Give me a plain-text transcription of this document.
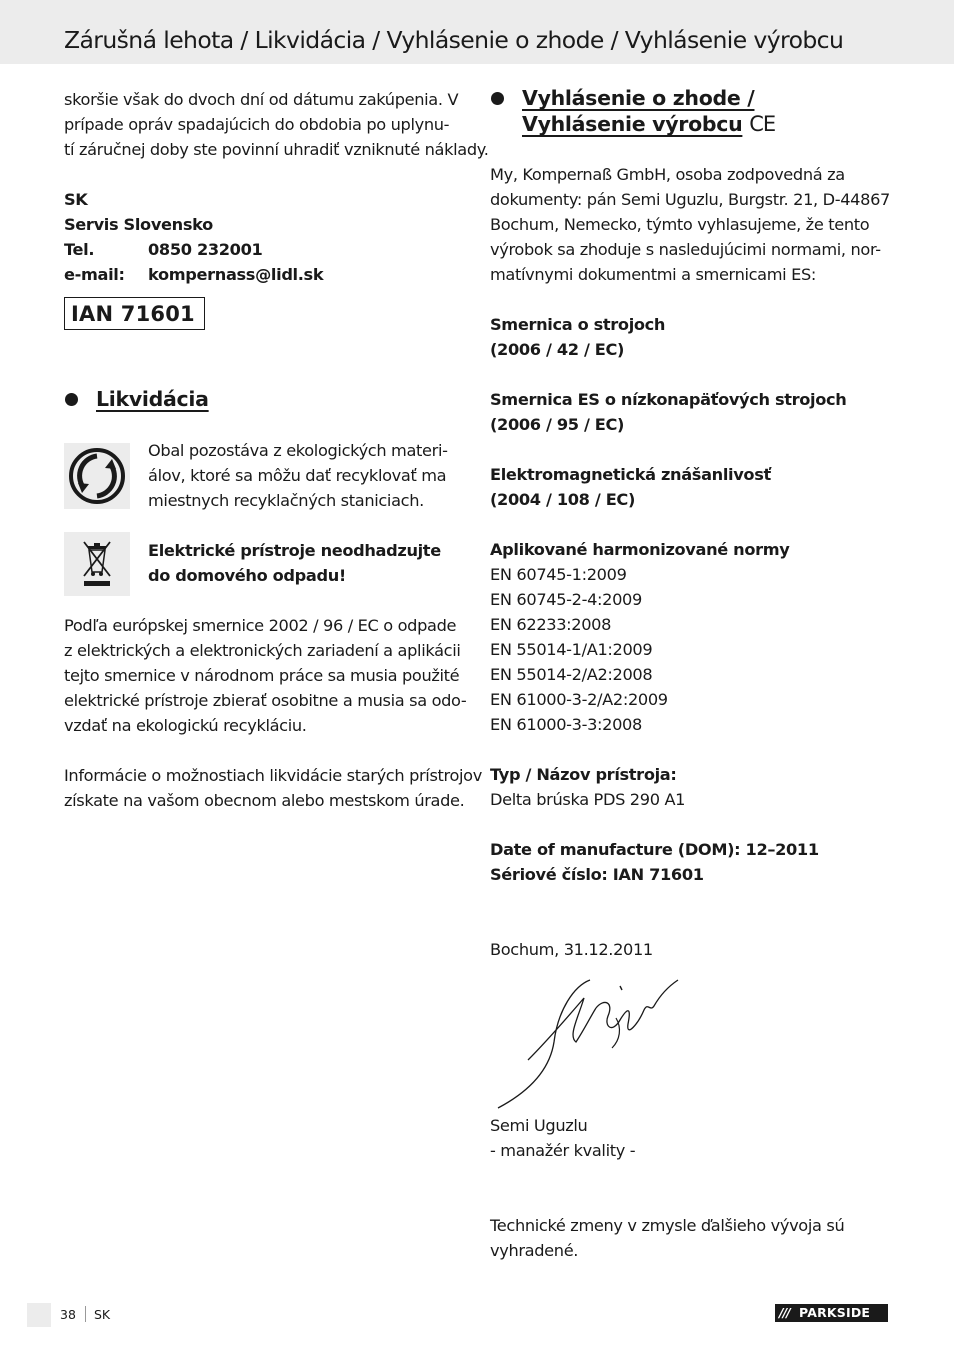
Zárušná lehota / Likvidácia / Vyhlásenie o zhode / Vyhlásenie výrobcu

skoršie však do dvoch dní od dátumu zakúpenia. V
prípade opráv spadajúcich do obdobia po uplynu-
tí záručnej doby ste povinní uhradiť vzniknuté náklady.

SK
Servis Slovensko
Tel.	0850 232001
e-mail: kompernass@lidl.sk
IAN 71601
Likvidácia

Obal pozostáva z ekologických materi-
álov, ktoré sa môžu dať recyklovať ma
miestnych recyklačných staniciach.

Elektrické prístroje neodhadzujte
do domového odpadu!

Podľa európskej smernice 2002 / 96 / EC o odpade
z elektrických a elektronických zariadení a aplikácii
tejto smernice v národnom práce sa musia použité
elektrické prístroje zbierať osobitne a musia sa odo-
vzdať na ekologickú recykláciu.

Informácie o možnostiach likvidácie starých prístrojov
získate na vašom obecnom alebo mestskom úrade.

Vyhlásenie o zhode /
Vyhlásenie výrobcu CE

My, Kompernaß GmbH, osoba zodpovedná za
dokumenty: pán Semi Uguzlu, Burgstr. 21, D-44867
Bochum, Nemecko, týmto vyhlasujeme, že tento
výrobok sa zhoduje s nasledujúcimi normami, nor-
matívnymi dokumentmi a smernicami ES:

Smernica o strojoch
(2006 / 42 / EC)

Smernica ES o nízkonapäťových strojoch
(2006 / 95 / EC)

Elektromagnetická znášanlivosť
(2004 / 108 / EC)

Aplikované harmonizované normy
EN 60745-1:2009
EN 60745-2-4:2009
EN 62233:2008
EN 55014-1/A1:2009
EN 55014-2/A2:2008
EN 61000-3-2/A2:2009
EN 61000-3-3:2008

Typ / Názov prístroja:
Delta brúska PDS 290 A1

Date of manufacture (DOM): 12–2011
Sériové číslo: IAN 71601

Bochum, 31.12.2011

Semi Uguzlu
- manažér kvality -

Technické zmeny v zmysle ďalšieho vývoja sú
vyhradené.

38 SK	/// PARKSIDE
